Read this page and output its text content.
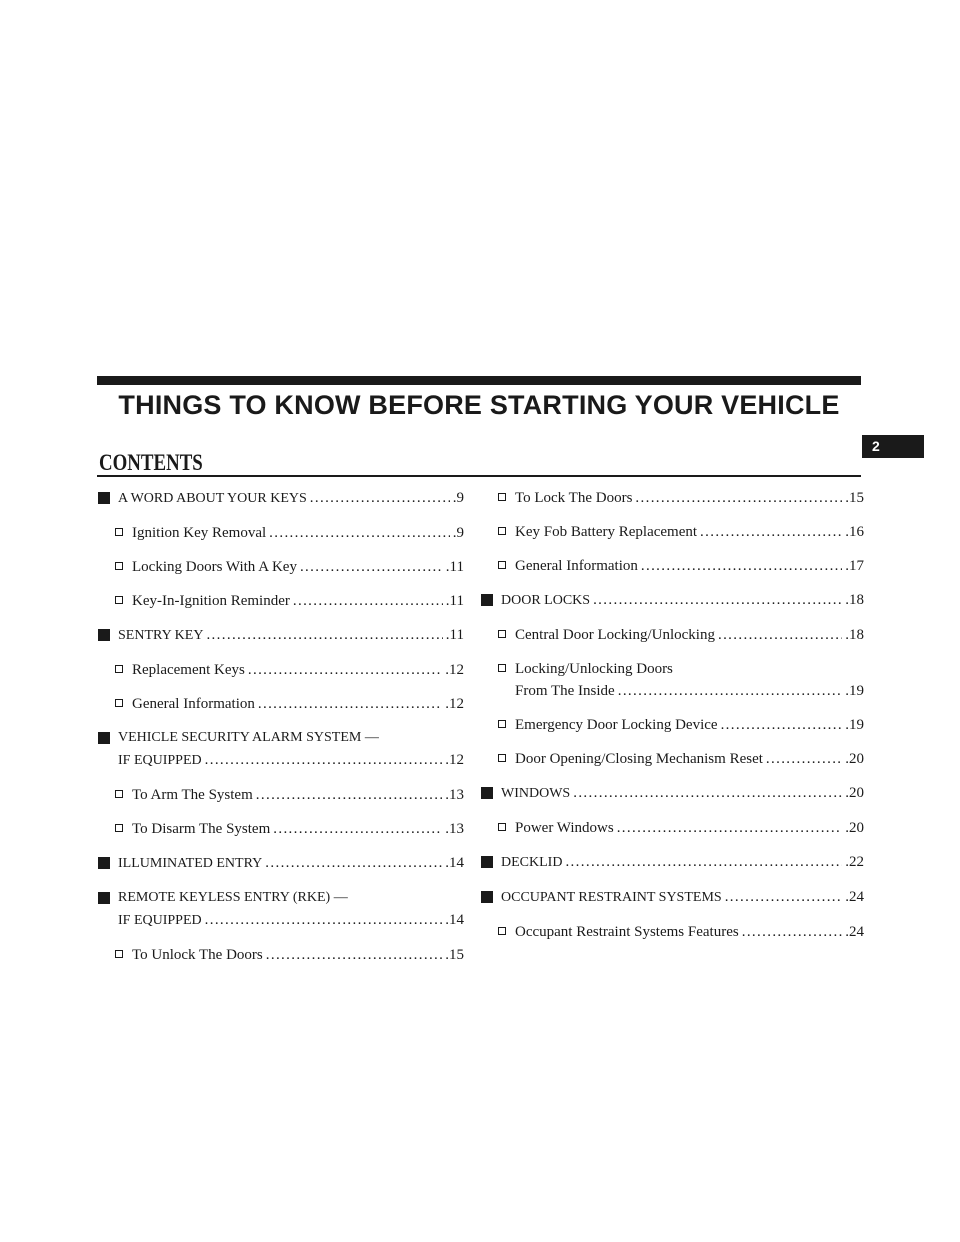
THINGS TO KNOW BEFORE STARTING YOUR VEHICLE
CONTENTS
2
A WORD ABOUT YOUR KEYS . . .	.9
Ignition Key Removal . . .	.9
Locking Doors With A Key . . .	.11
Key-In-Ignition Reminder . . .	.11
SENTRY KEY . . .	.11
Replacement Keys . . .	.12
General Information . . .	.12
VEHICLE SECURITY ALARM SYSTEM —
IF EQUIPPED . . .	.12
To Arm The System . . .	.13
To Disarm The System . . .	.13
ILLUMINATED ENTRY . . .	.14
REMOTE KEYLESS ENTRY (RKE) —
IF EQUIPPED . . .	.14
To Unlock The Doors . . .	.15
To Lock The Doors . . .	.15
Key Fob Battery Replacement . . .	.16
General Information . . .	.17
DOOR LOCKS . . .	.18
Central Door Locking/Unlocking . . .	.18
Locking/Unlocking Doors
From The Inside . . .	.19
Emergency Door Locking Device . . .	.19
Door Opening/Closing Mechanism Reset . . .	.20
WINDOWS . . .	.20
Power Windows . . .	.20
DECKLID . . .	.22
OCCUPANT RESTRAINT SYSTEMS . . .	.24
Occupant Restraint Systems Features . . .	.24
